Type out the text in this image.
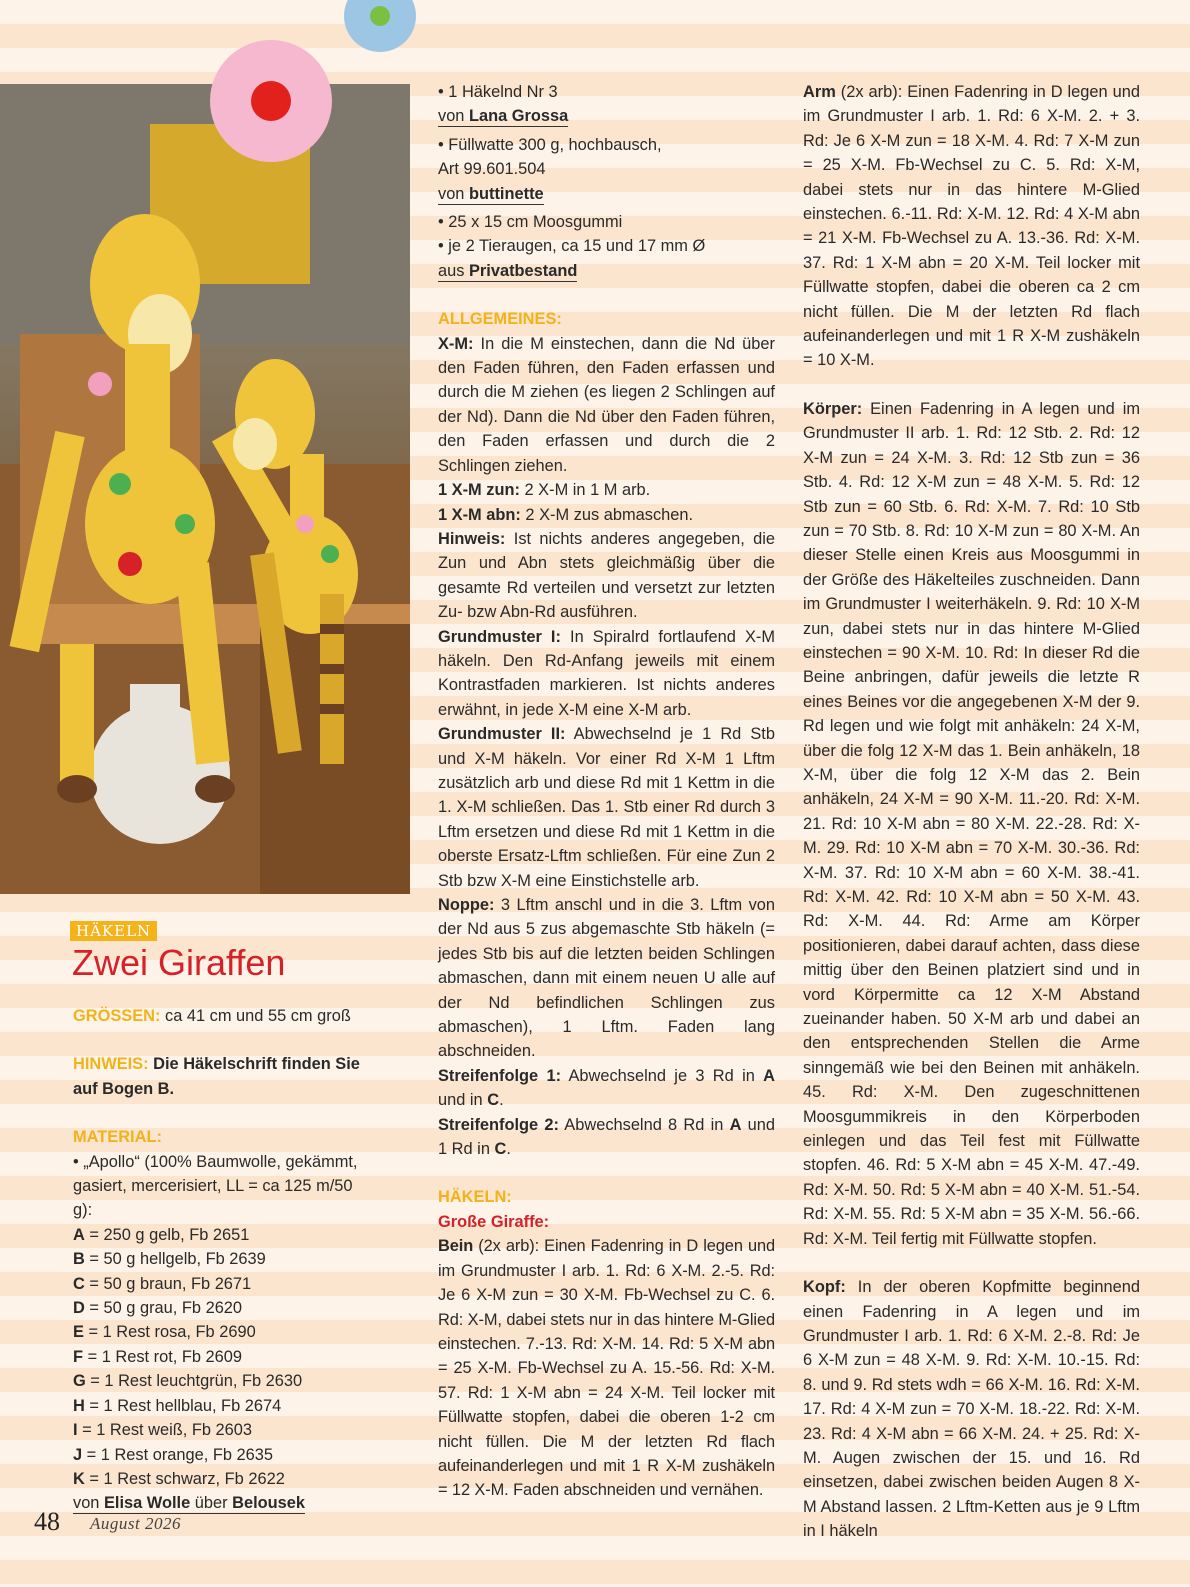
HÄKELN
Zwei Giraffen

GRÖSSEN: ca 41 cm und 55 cm groß

HINWEIS: Die Häkelschrift finden Sie auf Bogen B.

MATERIAL:

• „Apollo“ (100% Baumwolle, gekämmt, gasiert, mercerisiert, LL = ca 125 m/50 g):

A = 250 g gelb, Fb 2651

B = 50 g hellgelb, Fb 2639

C = 50 g braun, Fb 2671

D = 50 g grau, Fb 2620

E = 1 Rest rosa, Fb 2690

F = 1 Rest rot, Fb 2609

G = 1 Rest leuchtgrün, Fb 2630

H = 1 Rest hellblau, Fb 2674

I = 1 Rest weiß, Fb 2603

J = 1 Rest orange, Fb 2635

K = 1 Rest schwarz, Fb 2622

von Elisa Wolle über Belousek

• 1 Häkelnd Nr 3

von Lana Grossa

• Füllwatte 300 g, hochbausch,

Art 99.601.504

von buttinette

• 25 x 15 cm Moosgummi

• je 2 Tieraugen, ca 15 und 17 mm Ø

aus Privatbestand

ALLGEMEINES:

X-M: In die M einstechen, dann die Nd über den Faden führen, den Faden erfassen und durch die M ziehen (es liegen 2 Schlingen auf der Nd). Dann die Nd über den Faden führen, den Faden erfassen und durch die 2 Schlingen ziehen.

1 X-M zun: 2 X-M in 1 M arb.

1 X-M abn: 2 X-M zus abmaschen.

Hinweis: Ist nichts anderes angegeben, die Zun und Abn stets gleichmäßig über die gesamte Rd verteilen und versetzt zur letzten Zu- bzw Abn-Rd ausführen.

Grundmuster I: In Spiralrd fortlaufend X-M häkeln. Den Rd-Anfang jeweils mit einem Kontrastfaden markieren. Ist nichts anderes erwähnt, in jede X-M eine X-M arb.

Grundmuster II: Abwechselnd je 1 Rd Stb und X-M häkeln. Vor einer Rd X-M 1 Lftm zusätzlich arb und diese Rd mit 1 Kettm in die 1. X-M schließen. Das 1. Stb einer Rd durch 3 Lftm ersetzen und diese Rd mit 1 Kettm in die oberste Ersatz-Lftm schließen. Für eine Zun 2 Stb bzw X-M eine Einstichstelle arb.

Noppe: 3 Lftm anschl und in die 3. Lftm von der Nd aus 5 zus abgemaschte Stb häkeln (= jedes Stb bis auf die letzten beiden Schlingen abmaschen, dann mit einem neuen U alle auf der Nd befindlichen Schlingen zus abmaschen), 1 Lftm. Faden lang abschneiden.

Streifenfolge 1: Abwechselnd je 3 Rd in A und in C.

Streifenfolge 2: Abwechselnd 8 Rd in A und 1 Rd in C.

HÄKELN:

Große Giraffe:

Bein (2x arb): Einen Fadenring in D legen und im Grundmuster I arb. 1. Rd: 6 X-M. 2.-5. Rd: Je 6 X-M zun = 30 X-M. Fb-Wechsel zu C. 6. Rd: X-M, dabei stets nur in das hintere M-Glied einstechen. 7.-13. Rd: X-M. 14. Rd: 5 X-M abn = 25 X-M. Fb-Wechsel zu A. 15.-56. Rd: X-M. 57. Rd: 1 X-M abn = 24 X-M. Teil locker mit Füllwatte stopfen, dabei die oberen 1-2 cm nicht füllen. Die M der letzten Rd flach aufeinanderlegen und mit 1 R X-M zushäkeln = 12 X-M. Faden abschneiden und vernähen.

Arm (2x arb): Einen Fadenring in D legen und im Grundmuster I arb. 1. Rd: 6 X-M. 2. + 3. Rd: Je 6 X-M zun = 18 X-M. 4. Rd: 7 X-M zun = 25 X-M. Fb-Wechsel zu C. 5. Rd: X-M, dabei stets nur in das hintere M-Glied einstechen. 6.-11. Rd: X-M. 12. Rd: 4 X-M abn = 21 X-M. Fb-Wechsel zu A. 13.-36. Rd: X-M. 37. Rd: 1 X-M abn = 20 X-M. Teil locker mit Füllwatte stopfen, dabei die oberen ca 2 cm nicht füllen. Die M der letzten Rd flach aufeinanderlegen und mit 1 R X-M zushäkeln = 10 X-M.

Körper: Einen Fadenring in A legen und im Grundmuster II arb. 1. Rd: 12 Stb. 2. Rd: 12 X-M zun = 24 X-M. 3. Rd: 12 Stb zun = 36 Stb. 4. Rd: 12 X-M zun = 48 X-M. 5. Rd: 12 Stb zun = 60 Stb. 6. Rd: X-M. 7. Rd: 10 Stb zun = 70 Stb. 8. Rd: 10 X-M zun = 80 X-M. An dieser Stelle einen Kreis aus Moosgummi in der Größe des Häkelteiles zuschneiden. Dann im Grundmuster I weiterhäkeln. 9. Rd: 10 X-M zun, dabei stets nur in das hintere M-Glied einstechen = 90 X-M. 10. Rd: In dieser Rd die Beine anbringen, dafür jeweils die letzte R eines Beines vor die angegebenen X-M der 9. Rd legen und wie folgt mit anhäkeln: 24 X-M, über die folg 12 X-M das 1. Bein anhäkeln, 18 X-M, über die folg 12 X-M das 2. Bein anhäkeln, 24 X-M = 90 X-M. 11.-20. Rd: X-M. 21. Rd: 10 X-M abn = 80 X-M. 22.-28. Rd: X-M. 29. Rd: 10 X-M abn = 70 X-M. 30.-36. Rd: X-M. 37. Rd: 10 X-M abn = 60 X-M. 38.-41. Rd: X-M. 42. Rd: 10 X-M abn = 50 X-M. 43. Rd: X-M. 44. Rd: Arme am Körper positionieren, dabei darauf achten, dass diese mittig über den Beinen platziert sind und in vord Körpermitte ca 12 X-M Abstand zueinander haben. 50 X-M arb und dabei an den entsprechenden Stellen die Arme sinngemäß wie bei den Beinen mit anhäkeln. 45. Rd: X-M. Den zugeschnittenen Moosgummikreis in den Körperboden einlegen und das Teil fest mit Füllwatte stopfen. 46. Rd: 5 X-M abn = 45 X-M. 47.-49. Rd: X-M. 50. Rd: 5 X-M abn = 40 X-M. 51.-54. Rd: X-M. 55. Rd: 5 X-M abn = 35 X-M. 56.-66. Rd: X-M. Teil fertig mit Füllwatte stopfen.

Kopf: In der oberen Kopfmitte beginnend einen Fadenring in A legen und im Grundmuster I arb. 1. Rd: 6 X-M. 2.-8. Rd: Je 6 X-M zun = 48 X-M. 9. Rd: X-M. 10.-15. Rd: 8. und 9. Rd stets wdh = 66 X-M. 16. Rd: X-M. 17. Rd: 4 X-M zun = 70 X-M. 18.-22. Rd: X-M. 23. Rd: 4 X-M abn = 66 X-M. 24. + 25. Rd: X-M. Augen zwischen der 15. und 16. Rd einsetzen, dabei zwischen beiden Augen 8 X-M Abstand lassen. 2 Lftm-Ketten aus je 9 Lftm in I häkeln

48 August 2026
